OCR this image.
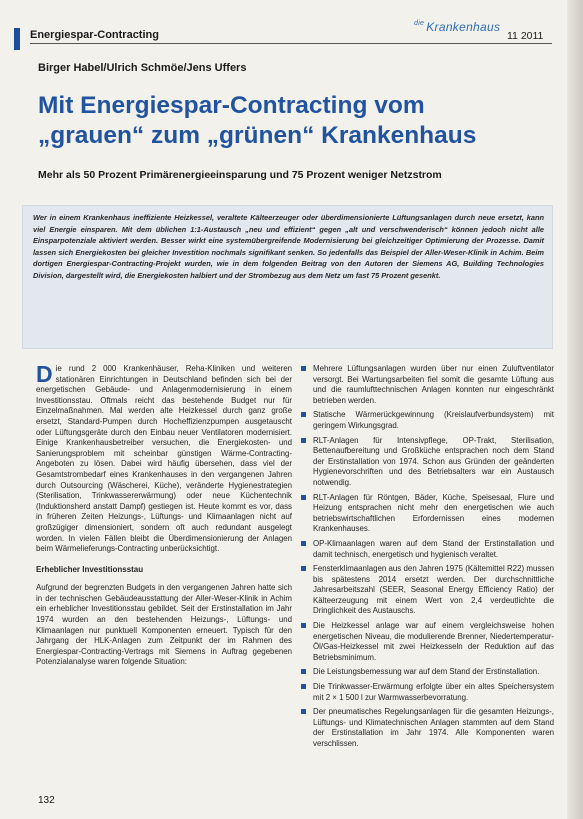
Energiespar-Contracting
$^{die}$ Krankenhaus
11 2011
Birger Habel/Ulrich Schmöe/Jens Uffers
Mit Energiespar-Contracting vom
„grauen“ zum „grünen“ Krankenhaus
Mehr als 50 Prozent Primärenergieeinsparung und 75 Prozent weniger Netzstrom

Wer in einem Krankenhaus ineffiziente Heizkessel, veraltete Kälteerzeuger oder überdimensionierte Lüftungsanlagen durch neue ersetzt, kann viel Energie einsparen. Mit dem üblichen 1:1-Austausch „neu und effizient“ gegen „alt und verschwenderisch“ können jedoch nicht alle Einsparpotenziale aktiviert werden. Besser wirkt eine systemübergreifende Modernisierung bei gleichzeitiger Optimierung der Prozesse. Damit lassen sich Energiekosten bei gleicher Investition nochmals signifikant senken. So jedenfalls das Beispiel der Aller-Weser-Klinik in Achim. Beim dortigen Energiespar-Contracting-Projekt wurden, wie in dem folgenden Beitrag von den Autoren der Siemens AG, Building Technologies Division, dargestellt wird, die Energiekosten halbiert und der Strombezug aus dem Netz um fast 75 Prozent gesenkt.

Die rund 2 000 Krankenhäuser, Reha-Kliniken und weiteren stationären Einrichtungen in Deutschland befinden sich bei der energetischen Gebäude- und Anlagenmodernisierung in einem Investitionsstau. Oftmals reicht das bestehende Budget nur für Einzelmaßnahmen. Mal werden alte Heizkessel durch ganz große ersetzt, Standard-Pumpen durch Hocheffizienzpumpen ausgetauscht oder Lüftungsgeräte durch den Einbau neuer Ventilatoren modernisiert. Einige Krankenhausbetreiber versuchen, die Energiekosten- und Sanierungsproblem mit scheinbar günstigen Wärme-Contracting-Angeboten zu lösen. Dabei wird häufig übersehen, dass viel der Gesamtstrombedarf eines Krankenhauses in den vergangenen Jahren durch Outsourcing (Wäscherei, Küche), veränderte Hygienestrategien (Sterilisation, Trinkwassererwärmung) oder neue Küchentechnik (Induktionsherd anstatt Dampf) gestiegen ist. Heute kommt es vor, dass in früheren Zeiten Heizungs-, Lüftungs- und Klimaanlagen nicht auf großzügiger dimensioniert, sondern oft auch redundant ausgelegt worden. In vielen Fällen bleibt die Überdimensionierung der Anlagen beim Wärmelieferungs-Contracting unberücksichtigt.

Erheblicher Investitionsstau

Aufgrund der begrenzten Budgets in den vergangenen Jahren hatte sich in der technischen Gebäudeausstattung der Aller-Weser-Klinik in Achim ein erheblicher Investitionsstau gebildet. Seit der Erstinstallation im Jahr 1974 wurden an den bestehenden Heizungs-, Lüftungs- und Klimaanlagen nur punktuell Komponenten erneuert. Typisch für den Jahrgang der HLK-Anlagen zum Zeitpunkt der im Rahmen des Energiespar-Contracting-Vertrags mit Siemens in Auftrag gegebenen Potenzialanalyse waren folgende Situation:

Mehrere Lüftungsanlagen wurden über nur einen Zuluftventilator versorgt. Bei Wartungsarbeiten fiel somit die gesamte Lüftung aus und die raumlufttechnischen Anlagen konnten nur eingeschränkt betrieben werden.
Statische Wärmerückgewinnung (Kreislaufverbundsystem) mit geringem Wirkungsgrad.
RLT-Anlagen für Intensivpflege, OP-Trakt, Sterilisation, Bettenaufbereitung und Großküche entsprachen noch dem Stand der Erstinstallation von 1974. Schon aus Gründen der geänderten Hygienevorschriften und des Betriebsalters war ein Austausch notwendig.
RLT-Anlagen für Röntgen, Bäder, Küche, Speisesaal, Flure und Heizung entsprachen nicht mehr den energetischen wie auch betriebswirtschaftlichen Erfordernissen eines modernen Krankenhauses.
OP-Klimaanlagen waren auf dem Stand der Erstinstallation und damit technisch, energetisch und hygienisch veraltet.
Fensterklimaanlagen aus den Jahren 1975 (Kältemittel R22) mussen bis spätestens 2014 ersetzt werden. Der durchschnittliche Jahresarbeitszahl (SEER, Seasonal Energy Efficiency Ratio) der Kälteerzeugung mit einem Wert von 2,4 verdeutlichte die Dringlichkeit des Austauschs.
Die Heizkessel anlage war auf einem vergleichsweise hohen energetischen Niveau, die modulierende Brenner, Niedertemperatur-Öl/Gas-Heizkessel mit zwei Heizkesseln der Reduktion auf das Betriebsminimum.
Die Leistungsbemessung war auf dem Stand der Erstinstallation.
Die Trinkwasser-Erwärmung erfolgte über ein altes Speichersystem mit 2 × 1 500 l zur Warmwasserbevorratung.
Der pneumatisches Regelungsanlagen für die gesamten Heizungs-, Lüftungs- und Klimatechnischen Anlagen stammten auf dem Stand der Erstinstallation im Jahr 1974. Alle Komponenten waren verschlissen.
132
